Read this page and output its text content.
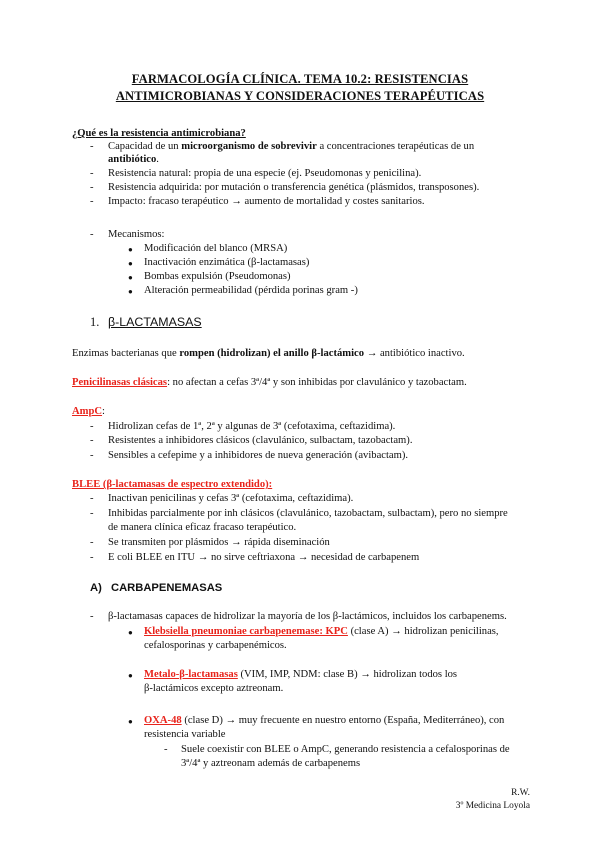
FARMACOLOGÍA CLÍNICA. TEMA 10.2: RESISTENCIAS
ANTIMICROBIANAS Y CONSIDERACIONES TERAPÉUTICAS
¿Qué es la resistencia antimicrobiana?
- Capacidad de un microorganismo de sobrevivir a concentraciones terapéuticas de un
antibiótico.
- Resistencia natural: propia de una especie (ej. Pseudomonas y penicilina).
- Resistencia adquirida: por mutación o transferencia genética (plásmidos, transposones).
- Impacto: fracaso terapéutico → aumento de mortalidad y costes sanitarios.
- Mecanismos:
● Modificación del blanco (MRSA)
● Inactivación enzimática (β-lactamasas)
● Bombas expulsión (Pseudomonas)
● Alteración permeabilidad (pérdida porinas gram -)
1. β-LACTAMASAS
Enzimas bacterianas que rompen (hidrolizan) el anillo β-lactámico → antibiótico inactivo.
Penicilinasas clásicas: no afectan a cefas 3ª/4ª y son inhibidas por clavulánico y tazobactam.
AmpC:
- Hidrolizan cefas de 1ª, 2ª y algunas de 3ª (cefotaxima, ceftazidima).
- Resistentes a inhibidores clásicos (clavulánico, sulbactam, tazobactam).
- Sensibles a cefepime y a inhibidores de nueva generación (avibactam).
BLEE (β-lactamasas de espectro extendido):
- Inactivan penicilinas y cefas 3ª (cefotaxima, ceftazidima).
- Inhibidas parcialmente por inh clásicos (clavulánico, tazobactam, sulbactam), pero no siempre
de manera clínica eficaz fracaso terapéutico.
- Se transmiten por plásmidos → rápida diseminación
- E coli BLEE en ITU → no sirve ceftriaxona → necesidad de carbapenem
A) CARBAPENEMASAS
- β-lactamasas capaces de hidrolizar la mayoría de los β-lactámicos, incluidos los carbapenems.
● Klebsiella pneumoniae carbapenemase: KPC (clase A) → hidrolizan penicilinas,
cefalosporinas y carbapenémicos.
● Metalo-β-lactamasas (VIM, IMP, NDM: clase B) → hidrolizan todos los
β-lactámicos excepto aztreonam.
● OXA-48 (clase D) → muy frecuente en nuestro entorno (España, Mediterráneo), con
resistencia variable
- Suele coexistir con BLEE o AmpC, generando resistencia a cefalosporinas de
3ª/4ª y aztreonam además de carbapenems
R.W.
3º Medicina Loyola
